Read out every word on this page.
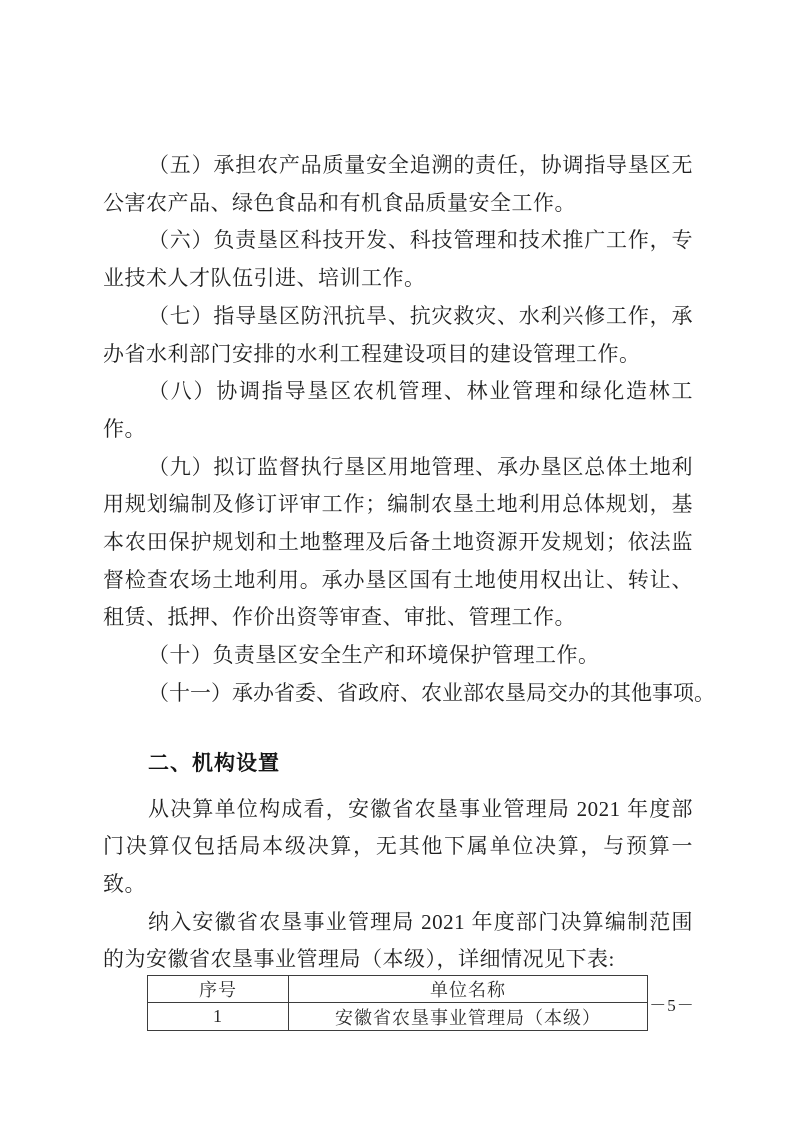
（五）承担农产品质量安全追溯的责任，协调指导垦区无公害农产品、绿色食品和有机食品质量安全工作。

（六）负责垦区科技开发、科技管理和技术推广工作，专业技术人才队伍引进、培训工作。

（七）指导垦区防汛抗旱、抗灾救灾、水利兴修工作，承办省水利部门安排的水利工程建设项目的建设管理工作。

（八）协调指导垦区农机管理、林业管理和绿化造林工作。

（九）拟订监督执行垦区用地管理、承办垦区总体土地利用规划编制及修订评审工作；编制农垦土地利用总体规划，基本农田保护规划和土地整理及后备土地资源开发规划；依法监督检查农场土地利用。承办垦区国有土地使用权出让、转让、租赁、抵押、作价出资等审查、审批、管理工作。

（十）负责垦区安全生产和环境保护管理工作。

（十一）承办省委、省政府、农业部农垦局交办的其他事项。

二、机构设置

从决算单位构成看，安徽省农垦事业管理局 2021 年度部门决算仅包括局本级决算，无其他下属单位决算，与预算一致。

纳入安徽省农垦事业管理局 2021 年度部门决算编制范围的为安徽省农垦事业管理局（本级），详细情况见下表:

序号	单位名称
1	安徽省农垦事业管理局（本级）
－5－
